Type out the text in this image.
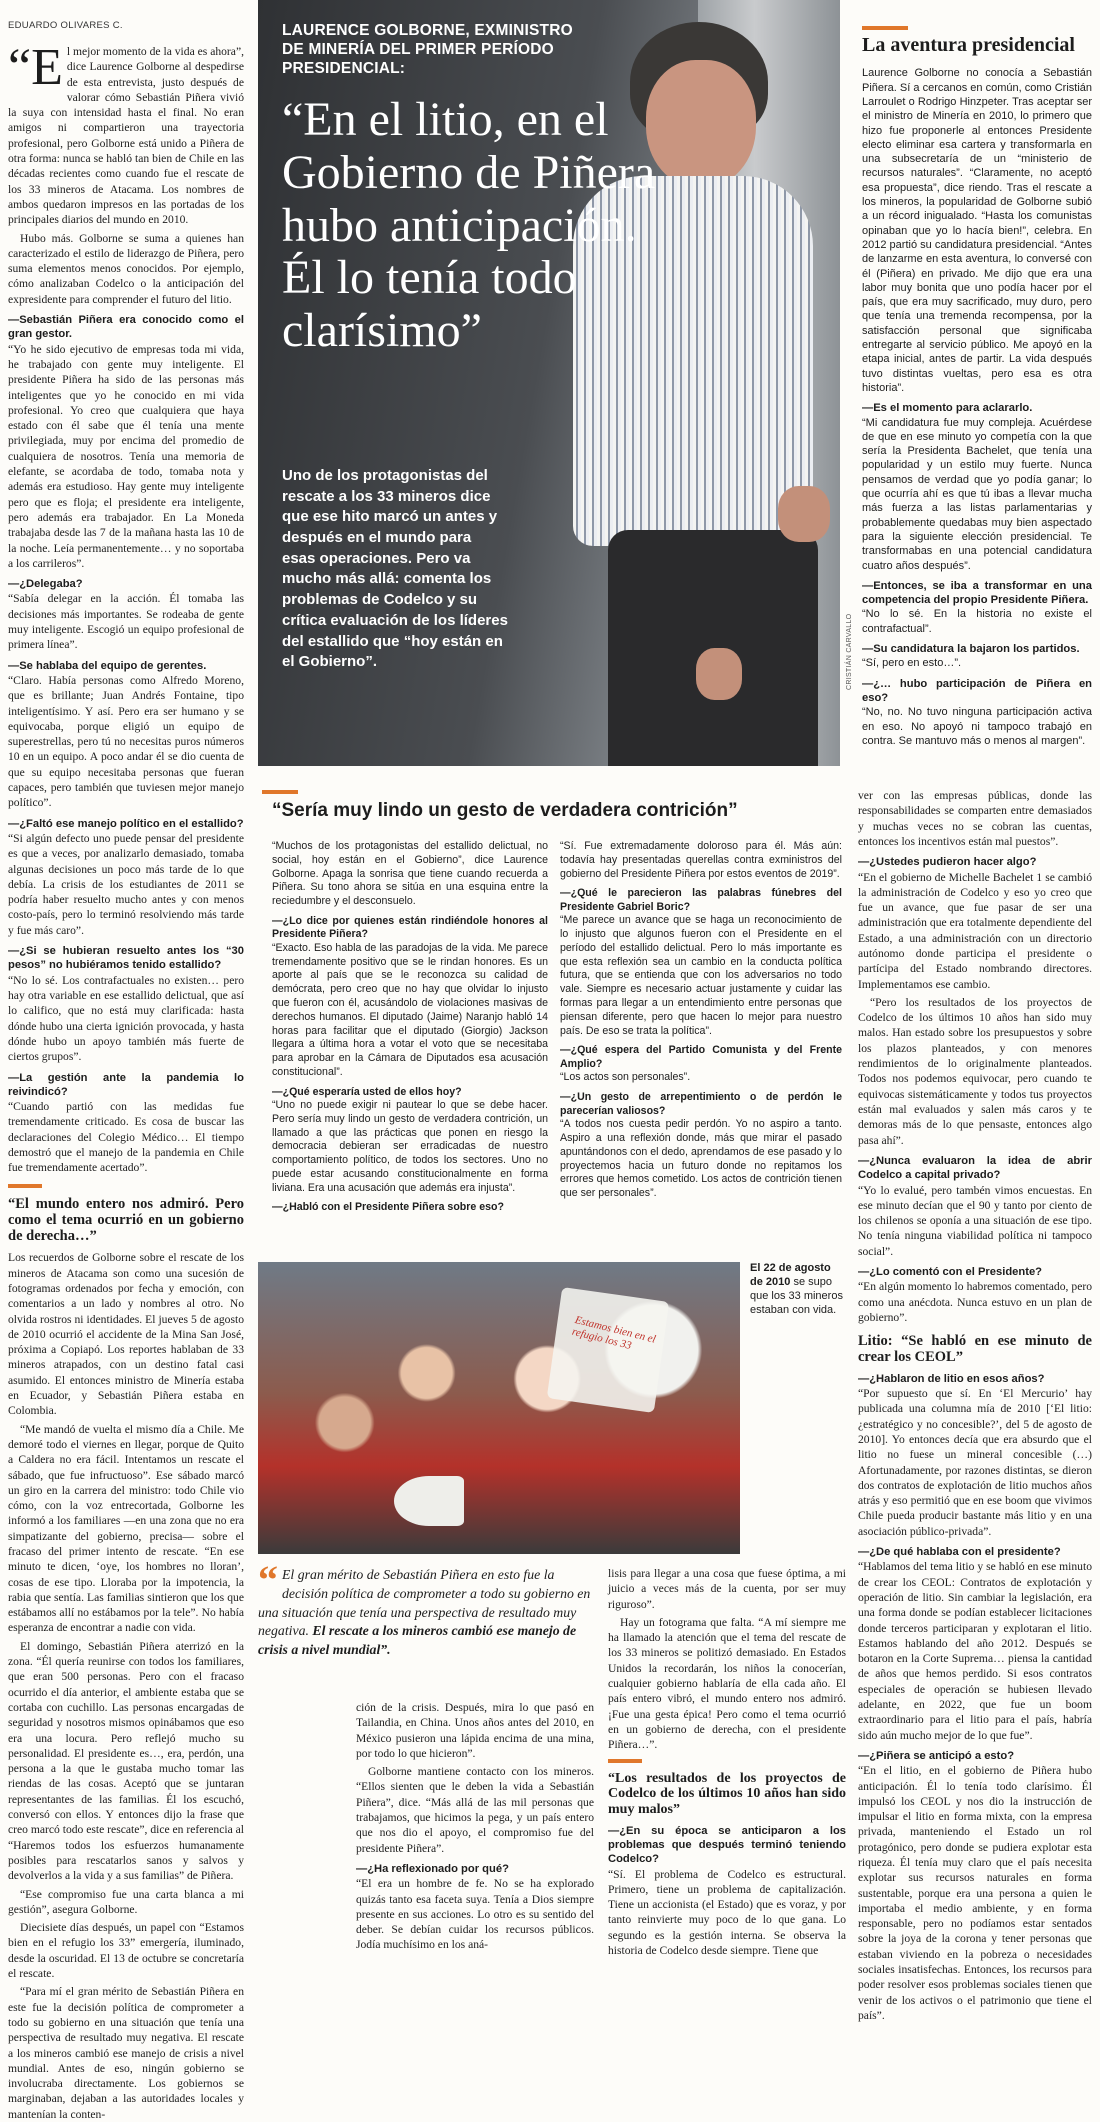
EDUARDO OLIVARES C.

“El mejor momento de la vida es ahora”, dice Laurence Golborne al despedirse de esta entrevista, justo después de valorar cómo Sebastián Piñera vivió la suya con intensidad hasta el final. No eran amigos ni compartieron una trayectoria profesional, pero Golborne está unido a Piñera de otra forma: nunca se habló tan bien de Chile en las décadas recientes como cuando fue el rescate de los 33 mineros de Atacama. Los nombres de ambos quedaron impresos en las portadas de los principales diarios del mundo en 2010.

Hubo más. Golborne se suma a quienes han caracterizado el estilo de liderazgo de Piñera, pero suma elementos menos conocidos. Por ejemplo, cómo analizaban Codelco o la anticipación del expresidente para comprender el futuro del litio.

—Sebastián Piñera era conocido como el gran gestor.

“Yo he sido ejecutivo de empresas toda mi vida, he trabajado con gente muy inteligente. El presidente Piñera ha sido de las personas más inteligentes que yo he conocido en mi vida profesional. Yo creo que cualquiera que haya estado con él sabe que él tenía una mente privilegiada, muy por encima del promedio de cualquiera de nosotros. Tenía una memoria de elefante, se acordaba de todo, tomaba nota y además era estudioso. Hay gente muy inteligente pero que es floja; el presidente era inteligente, pero además era trabajador. En La Moneda trabajaba desde las 7 de la mañana hasta las 10 de la noche. Leía permanentemente… y no soportaba a los carrileros”.

—¿Delegaba?

“Sabía delegar en la acción. Él tomaba las decisiones más importantes. Se rodeaba de gente muy inteligente. Escogió un equipo profesional de primera línea”.

—Se hablaba del equipo de gerentes.

“Claro. Había personas como Alfredo Moreno, que es brillante; Juan Andrés Fontaine, tipo inteligentísimo. Y así. Pero era ser humano y se equivocaba, porque eligió un equipo de superestrellas, pero tú no necesitas puros números 10 en un equipo. A poco andar él se dio cuenta de que su equipo necesitaba personas que fueran capaces, pero también que tuviesen mejor manejo político”.

—¿Faltó ese manejo político en el estallido?

“Si algún defecto uno puede pensar del presidente es que a veces, por analizarlo demasiado, tomaba algunas decisiones un poco más tarde de lo que debía. La crisis de los estudiantes de 2011 se podría haber resuelto mucho antes y con menos costo-país, pero lo terminó resolviendo más tarde y fue más caro”.

—¿Si se hubieran resuelto antes los “30 pesos” no hubiéramos tenido estallido?

“No lo sé. Los contrafactuales no existen… pero hay otra variable en ese estallido delictual, que así lo califico, que no está muy clarificada: hasta dónde hubo una cierta ignición provocada, y hasta dónde hubo un apoyo también más fuerte de ciertos grupos”.

—La gestión ante la pandemia lo reivindicó?

“Cuando partió con las medidas fue tremendamente criticado. Es cosa de buscar las declaraciones del Colegio Médico… El tiempo demostró que el manejo de la pandemia en Chile fue tremendamente acertado”.

“El mundo entero nos admiró. Pero como el tema ocurrió en un gobierno de derecha…”

Los recuerdos de Golborne sobre el rescate de los mineros de Atacama son como una sucesión de fotogramas ordenados por fecha y emoción, con comentarios a un lado y nombres al otro. No olvida rostros ni identidades. El jueves 5 de agosto de 2010 ocurrió el accidente de la Mina San José, próxima a Copiapó. Los reportes hablaban de 33 mineros atrapados, con un destino fatal casi asumido. El entonces ministro de Minería estaba en Ecuador, y Sebastián Piñera estaba en Colombia.

“Me mandó de vuelta el mismo día a Chile. Me demoré todo el viernes en llegar, porque de Quito a Caldera no era fácil. Intentamos un rescate el sábado, que fue infructuoso”. Ese sábado marcó un giro en la carrera del ministro: todo Chile vio cómo, con la voz entrecortada, Golborne les informó a los familiares —en una zona que no era simpatizante del gobierno, precisa— sobre el fracaso del primer intento de rescate. “En ese minuto te dicen, ‘oye, los hombres no lloran’, cosas de ese tipo. Lloraba por la impotencia, la rabia que sentía. Las familias sintieron que los que estábamos allí no estábamos por la tele”. No había esperanza de encontrar a nadie con vida.

El domingo, Sebastián Piñera aterrizó en la zona. “Él quería reunirse con todos los familiares, que eran 500 personas. Pero con el fracaso ocurrido el día anterior, el ambiente estaba que se cortaba con cuchillo. Las personas encargadas de seguridad y nosotros mismos opinábamos que eso era una locura. Pero reflejó mucho su personalidad. El presidente es…, era, perdón, una persona a la que le gustaba mucho tomar las riendas de las cosas. Aceptó que se juntaran representantes de las familias. Él los escuchó, conversó con ellos. Y entonces dijo la frase que creo marcó todo este rescate”, dice en referencia al “Haremos todos los esfuerzos humanamente posibles para rescatarlos sanos y salvos y devolverlos a la vida y a sus familias” de Piñera.

“Ese compromiso fue una carta blanca a mi gestión”, asegura Golborne.

Diecisiete días después, un papel con “Estamos bien en el refugio los 33” emergería, iluminado, desde la oscuridad. El 13 de octubre se concretaría el rescate.

“Para mí el gran mérito de Sebastián Piñera en este fue la decisión política de comprometer a todo su gobierno en una situación que tenía una perspectiva de resultado muy negativa. El rescate a los mineros cambió ese manejo de crisis a nivel mundial. Antes de eso, ningún gobierno se involucraba directamente. Los gobiernos se marginaban, dejaban a las autoridades locales y mantenían la conten-

LAURENCE GOLBORNE, EXMINISTRO DE MINERÍA DEL PRIMER PERÍODO PRESIDENCIAL:
“En el litio, en el Gobierno de Piñera hubo anticipación. Él lo tenía todo clarísimo”
Uno de los protagonistas del rescate a los 33 mineros dice que ese hito marcó un antes y después en el mundo para esas operaciones. Pero va mucho más allá: comenta los problemas de Codelco y su crítica evaluación de los líderes del estallido que “hoy están en el Gobierno”.	CRISTIÁN CARVALLO
La aventura presidencial

Laurence Golborne no conocía a Sebastián Piñera. Sí a cercanos en común, como Cristián Larroulet o Rodrigo Hinzpeter. Tras aceptar ser el ministro de Minería en 2010, lo primero que hizo fue proponerle al entonces Presidente electo eliminar esa cartera y transformarla en una subsecretaría de un “ministerio de recursos naturales”. “Claramente, no aceptó esa propuesta”, dice riendo. Tras el rescate a los mineros, la popularidad de Golborne subió a un récord inigualado. “Hasta los comunistas opinaban que yo lo hacía bien!”, celebra. En 2012 partió su candidatura presidencial. “Antes de lanzarme en esta aventura, lo conversé con él (Piñera) en privado. Me dijo que era una labor muy bonita que uno podía hacer por el país, que era muy sacrificado, muy duro, pero que tenía una tremenda recompensa, por la satisfacción personal que significaba entregarte al servicio público. Me apoyó en la etapa inicial, antes de partir. La vida después tuvo distintas vueltas, pero esa es otra historia”.

—Es el momento para aclararlo.

“Mi candidatura fue muy compleja. Acuérdese de que en ese minuto yo competía con la que sería la Presidenta Bachelet, que tenía una popularidad y un estilo muy fuerte. Nunca pensamos de verdad que yo podía ganar; lo que ocurría ahí es que tú ibas a llevar mucha más fuerza a las listas parlamentarias y probablemente quedabas muy bien aspectado para la siguiente elección presidencial. Te transformabas en una potencial candidatura cuatro años después”.

—Entonces, se iba a transformar en una competencia del propio Presidente Piñera.

“No lo sé. En la historia no existe el contrafactual”.

—Su candidatura la bajaron los partidos.

“Sí, pero en esto…”.

—¿… hubo participación de Piñera en eso?

“No, no. No tuvo ninguna participación activa en eso. No apoyó ni tampoco trabajó en contra. Se mantuvo más o menos al margen”.

“Sería muy lindo un gesto de verdadera contrición”

“Muchos de los protagonistas del estallido delictual, no social, hoy están en el Gobierno”, dice Laurence Golborne. Apaga la sonrisa que tiene cuando recuerda a Piñera. Su tono ahora se sitúa en una esquina entre la reciedumbre y el desconsuelo.

—¿Lo dice por quienes están rindiéndole honores al Presidente Piñera?

“Exacto. Eso habla de las paradojas de la vida. Me parece tremendamente positivo que se le rindan honores. Es un aporte al país que se le reconozca su calidad de demócrata, pero creo que no hay que olvidar lo injusto que fueron con él, acusándolo de violaciones masivas de derechos humanos. El diputado (Jaime) Naranjo habló 14 horas para facilitar que el diputado (Giorgio) Jackson llegara a última hora a votar el voto que se necesitaba para aprobar en la Cámara de Diputados esa acusación constitucional”.

—¿Qué esperaría usted de ellos hoy?

“Uno no puede exigir ni pautear lo que se debe hacer. Pero sería muy lindo un gesto de verdadera contrición, un llamado a que las prácticas que ponen en riesgo la democracia debieran ser erradicadas de nuestro comportamiento político, de todos los sectores. Uno no puede estar acusando constitucionalmente en forma liviana. Era una acusación que además era injusta”.

—¿Habló con el Presidente Piñera sobre eso?

“Sí. Fue extremadamente doloroso para él. Más aún: todavía hay presentadas querellas contra exministros del gobierno del Presidente Piñera por estos eventos de 2019”.

—¿Qué le parecieron las palabras fúnebres del Presidente Gabriel Boric?

“Me parece un avance que se haga un reconocimiento de lo injusto que algunos fueron con el Presidente en el período del estallido delictual. Pero lo más importante es que esta reflexión sea un cambio en la conducta política futura, que se entienda que con los adversarios no todo vale. Siempre es necesario actuar justamente y cuidar las formas para llegar a un entendimiento entre personas que piensan diferente, pero que hacen lo mejor para nuestro país. De eso se trata la política”.

—¿Qué espera del Partido Comunista y del Frente Amplio?

“Los actos son personales”.

—¿Un gesto de arrepentimiento o de perdón le parecerían valiosos?

“A todos nos cuesta pedir perdón. Yo no aspiro a tanto. Aspiro a una reflexión donde, más que mirar el pasado apuntándonos con el dedo, aprendamos de ese pasado y lo proyectemos hacia un futuro donde no repitamos los errores que hemos cometido. Los actos de contrición tienen que ser personales”.

ver con las empresas públicas, donde las responsabilidades se comparten entre demasiados y muchas veces no se cobran las cuentas, entonces los incentivos están mal puestos”.

—¿Ustedes pudieron hacer algo?

“En el gobierno de Michelle Bachelet 1 se cambió la administración de Codelco y eso yo creo que fue un avance, que fue pasar de ser una administración que era totalmente dependiente del Estado, a una administración con un directorio autónomo donde participa el presidente o partícipa del Estado nombrando directores. Implementamos ese cambio.

“Pero los resultados de los proyectos de Codelco de los últimos 10 años han sido muy malos. Han estado sobre los presupuestos y sobre los plazos planteados, y con menores rendimientos de lo originalmente planteados. Todos nos podemos equivocar, pero cuando te equivocas sistemáticamente y todos tus proyectos están mal evaluados y salen más caros y te demoras más de lo que pensaste, entonces algo pasa ahí”.

—¿Nunca evaluaron la idea de abrir Codelco a capital privado?

“Yo lo evalué, pero tambén vimos encuestas. En ese minuto decían que el 90 y tanto por ciento de los chilenos se oponía a una situación de ese tipo. No tenía ninguna viabilidad política ni tampoco social”.

—¿Lo comentó con el Presidente?

“En algún momento lo habremos comentado, pero como una anécdota. Nunca estuvo en un plan de gobierno”.

Litio: “Se habló en ese minuto de crear los CEOL”
—¿Hablaron de litio en esos años?

“Por supuesto que sí. En ‘El Mercurio’ hay publicada una columna mía de 2010 [‘El litio: ¿estratégico y no concesible?’, del 5 de agosto de 2010]. Yo entonces decía que era absurdo que el litio no fuese un mineral concesible (…) Afortunadamente, por razones distintas, se dieron dos contratos de explotación de litio muchos años atrás y eso permitió que en ese boom que vivimos Chile pueda producir bastante más litio y en una asociación público-privada”.

—¿De qué hablaba con el presidente?

“Hablamos del tema litio y se habló en ese minuto de crear los CEOL: Contratos de explotación y operación de litio. Sin cambiar la legislación, era una forma donde se podían establecer licitaciones donde terceros participaran y explotaran el litio. Estamos hablando del año 2012. Después se botaron en la Corte Suprema… piensa la cantidad de años que hemos perdido. Si esos contratos especiales de operación se hubiesen llevado adelante, en 2022, que fue un boom extraordinario para el litio para el país, habría sido aún mucho mejor de lo que fue”.

—¿Piñera se anticipó a esto?

“En el litio, en el gobierno de Piñera hubo anticipación. Él lo tenía todo clarísimo. Él impulsó los CEOL y nos dio la instrucción de impulsar el litio en forma mixta, con la empresa privada, manteniendo el Estado un rol protagónico, pero donde se pudiera explotar esta riqueza. Él tenía muy claro que el país necesita explotar sus recursos naturales en forma sustentable, porque era una persona a quien le importaba el medio ambiente, y en forma responsable, pero no podíamos estar sentados sobre la joya de la corona y tener personas que estaban viviendo en la pobreza o necesidades sociales insatisfechas. Entonces, los recursos para poder resolver esos problemas sociales tienen que venir de los activos o el patrimonio que tiene el país”.

Estamos bien en el refugio los 33
El 22 de agosto de 2010 se supo que los 33 mineros estaban con vida.
“ El gran mérito de Sebastián Piñera en esto fue la decisión política de comprometer a todo su gobierno en una situación que tenía una perspectiva de resultado muy negativa. El rescate a los mineros cambió ese manejo de crisis a nivel mundial”.

ción de la crisis. Después, mira lo que pasó en Tailandia, en China. Unos años antes del 2010, en México pusieron una lápida encima de una mina, por todo lo que hicieron”.

Golborne mantiene contacto con los mineros. “Ellos sienten que le deben la vida a Sebastián Piñera”, dice. “Más allá de las mil personas que trabajamos, que hicimos la pega, y un país entero que nos dio el apoyo, el compromiso fue del presidente Piñera”.

—¿Ha reflexionado por qué?

“El era un hombre de fe. No se ha explorado quizás tanto esa faceta suya. Tenía a Dios siempre presente en sus acciones. Lo otro es su sentido del deber. Se debían cuidar los recursos públicos. Jodía muchísimo en los aná-

lisis para llegar a una cosa que fuese óptima, a mi juicio a veces más de la cuenta, por ser muy riguroso”.

Hay un fotograma que falta. “A mí siempre me ha llamado la atención que el tema del rescate de los 33 mineros se politizó demasiado. En Estados Unidos la recordarán, los niños la conocerían, cualquier gobierno hablaría de ella cada año. El país entero vibró, el mundo entero nos admiró. ¡Fue una gesta épica! Pero como el tema ocurrió en un gobierno de derecha, con el presidente Piñera…”.

“Los resultados de los proyectos de Codelco de los últimos 10 años han sido muy malos”
—¿En su época se anticiparon a los problemas que después terminó teniendo Codelco?

“Sí. El problema de Codelco es estructural. Primero, tiene un problema de capitalización. Tiene un accionista (el Estado) que es voraz, y por tanto reinvierte muy poco de lo que gana. Lo segundo es la gestión interna. Se observa la historia de Codelco desde siempre. Tiene que
